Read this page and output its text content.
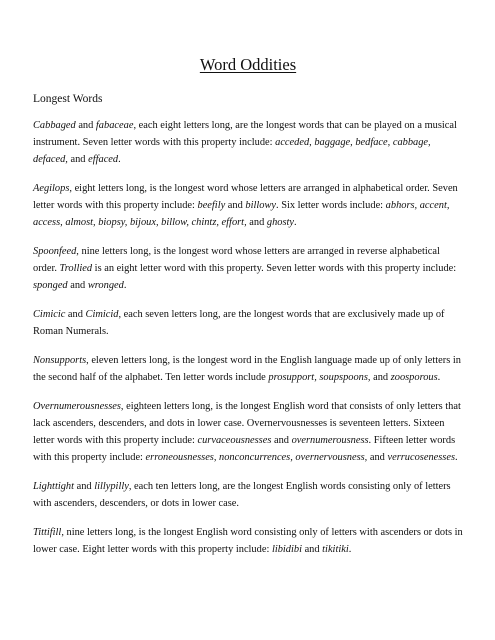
Word Oddities
Longest Words

Cabbaged and fabaceae, each eight letters long, are the longest words that can be played on a musical instrument. Seven letter words with this property include: acceded, baggage, bedface, cabbage, defaced, and effaced.

Aegilops, eight letters long, is the longest word whose letters are arranged in alphabetical order. Seven letter words with this property include: beefily and billowy. Six letter words include: abhors, accent, access, almost, biopsy, bijoux, billow, chintz, effort, and ghosty.

Spoonfeed, nine letters long, is the longest word whose letters are arranged in reverse alphabetical order. Trollied is an eight letter word with this property. Seven letter words with this property include: sponged and wronged.

Cimicic and Cimicid, each seven letters long, are the longest words that are exclusively made up of Roman Numerals.

Nonsupports, eleven letters long, is the longest word in the English language made up of only letters in the second half of the alphabet. Ten letter words include prosupport, soupspoons, and zoosporous.

Overnumerousnesses, eighteen letters long, is the longest English word that consists of only letters that lack ascenders, descenders, and dots in lower case. Overnervousnesses is seventeen letters. Sixteen letter words with this property include: curvaceousnesses and overnumerousness. Fifteen letter words with this property include: erroneousnesses, nonconcurrences, overnervousness, and verrucosenesses.

Lighttight and lillypilly, each ten letters long, are the longest English words consisting only of letters with ascenders, descenders, or dots in lower case.

Tittifill, nine letters long, is the longest English word consisting only of letters with ascenders or dots in lower case. Eight letter words with this property include: libidibi and tikitiki.
